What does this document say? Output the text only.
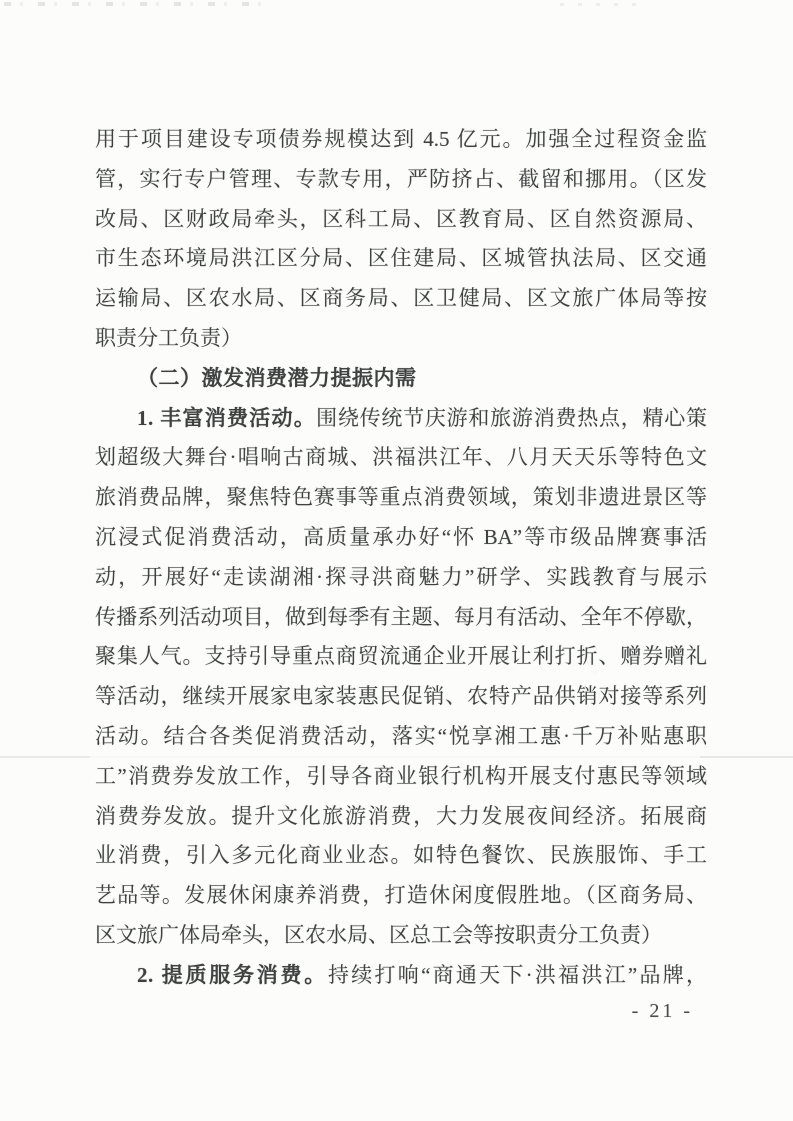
用于项目建设专项债券规模达到 4.5 亿元。加强全过程资金监
管，实行专户管理、专款专用，严防挤占、截留和挪用。（区发
改局、区财政局牵头，区科工局、区教育局、区自然资源局、
市生态环境局洪江区分局、区住建局、区城管执法局、区交通
运输局、区农水局、区商务局、区卫健局、区文旅广体局等按
职责分工负责）
（二）激发消费潜力提振内需
1. 丰富消费活动。围绕传统节庆游和旅游消费热点，精心策
划超级大舞台·唱响古商城、洪福洪江年、八月天天乐等特色文
旅消费品牌，聚焦特色赛事等重点消费领域，策划非遗进景区等
沉浸式促消费活动，高质量承办好“怀 BA”等市级品牌赛事活
动，开展好“走读湖湘·探寻洪商魅力”研学、实践教育与展示
传播系列活动项目，做到每季有主题、每月有活动、全年不停歇，
聚集人气。支持引导重点商贸流通企业开展让利打折、赠券赠礼
等活动，继续开展家电家装惠民促销、农特产品供销对接等系列
活动。结合各类促消费活动，落实“悦享湘工惠·千万补贴惠职
工”消费券发放工作，引导各商业银行机构开展支付惠民等领域
消费券发放。提升文化旅游消费，大力发展夜间经济。拓展商
业消费，引入多元化商业业态。如特色餐饮、民族服饰、手工
艺品等。发展休闲康养消费，打造休闲度假胜地。（区商务局、
区文旅广体局牵头，区农水局、区总工会等按职责分工负责）
2. 提质服务消费。持续打响“商通天下·洪福洪江”品牌，
- 21 -
